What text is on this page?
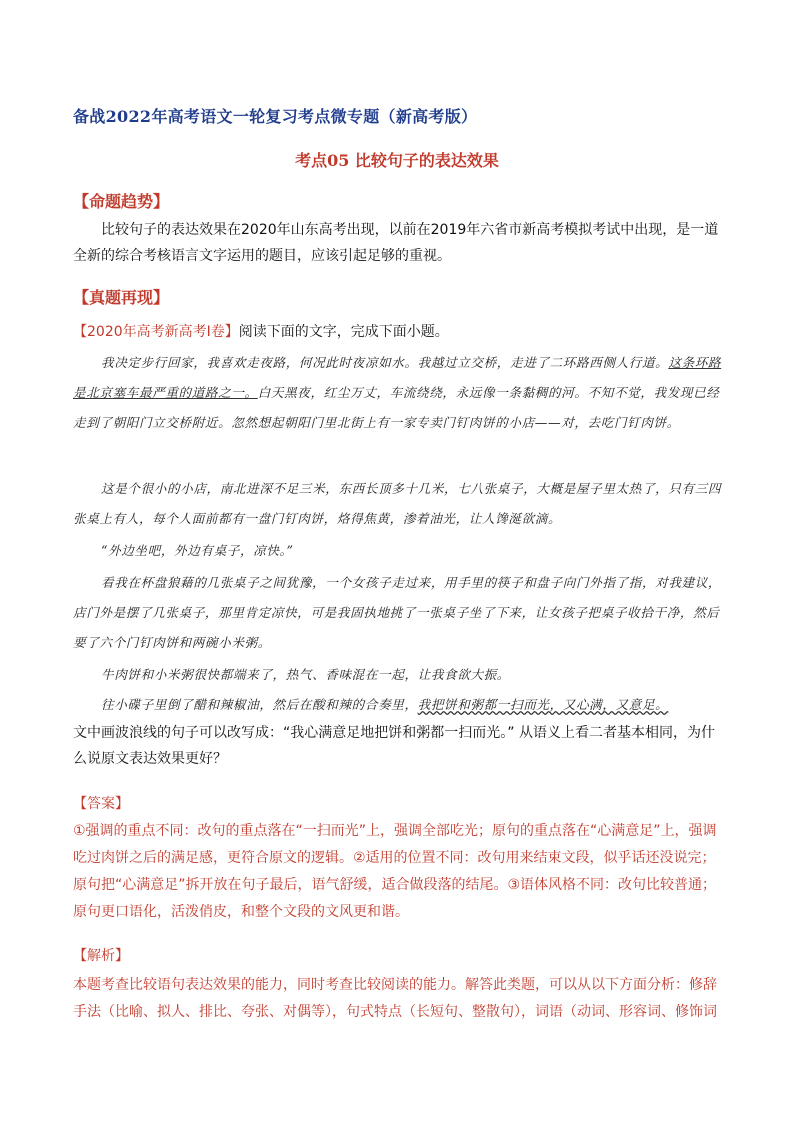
备战2022年高考语文一轮复习考点微专题（新高考版）
考点05 比较句子的表达效果
【命题趋势】
比较句子的表达效果在2020年山东高考出现，以前在2019年六省市新高考模拟考试中出现，是一道全新的综合考核语言文字运用的题目，应该引起足够的重视。
【真题再现】
【2020年高考新高考Ⅰ卷】阅读下面的文字，完成下面小题。
我决定步行回家，我喜欢走夜路，何况此时夜凉如水。我越过立交桥，走进了二环路西侧人行道。这条环路是北京塞车最严重的道路之一。白天黑夜，红尘万丈，车流绕绕，永远像一条黏稠的河。不知不觉，我发现已经走到了朝阳门立交桥附近。忽然想起朝阳门里北街上有一家专卖门钉肉饼的小店——对，去吃门钉肉饼。
这是个很小的小店，南北进深不足三米，东西长顶多十几米，七八张桌子，大概是屋子里太热了，只有三四张桌上有人，每个人面前都有一盘门钉肉饼，烙得焦黄，渗着油光，让人馋涎欲滴。
“外边坐吧，外边有桌子，凉快。”
看我在杯盘狼藉的几张桌子之间犹豫，一个女孩子走过来，用手里的筷子和盘子向门外指了指，对我建议，店门外是摆了几张桌子，那里肯定凉快，可是我固执地挑了一张桌子坐了下来，让女孩子把桌子收拾干净，然后要了六个门钉肉饼和两碗小米粥。
牛肉饼和小米粥很快都端来了，热气、香味混在一起，让我食欲大振。
往小碟子里倒了醋和辣椒油，然后在酸和辣的合奏里，我把饼和粥都一扫而光，又心满，又意足。
文中画波浪线的句子可以改写成：“我心满意足地把饼和粥都一扫而光。” 从语义上看二者基本相同，为什么说原文表达效果更好？
【答案】
①强调的重点不同：改句的重点落在“一扫而光”上，强调全部吃光；原句的重点落在“心满意足”上，强调吃过肉饼之后的满足感，更符合原文的逻辑。②适用的位置不同：改句用来结束文段，似乎话还没说完；原句把“心满意足”拆开放在句子最后，语气舒缓，适合做段落的结尾。③语体风格不同：改句比较普通；原句更口语化，活泼俏皮，和整个文段的文风更和谐。
【解析】
本题考查比较语句表达效果的能力，同时考查比较阅读的能力。解答此类题，可以从以下方面分析：修辞手法（比喻、拟人、排比、夸张、对偶等），句式特点（长短句、整散句），词语（动词、形容词、修饰词
